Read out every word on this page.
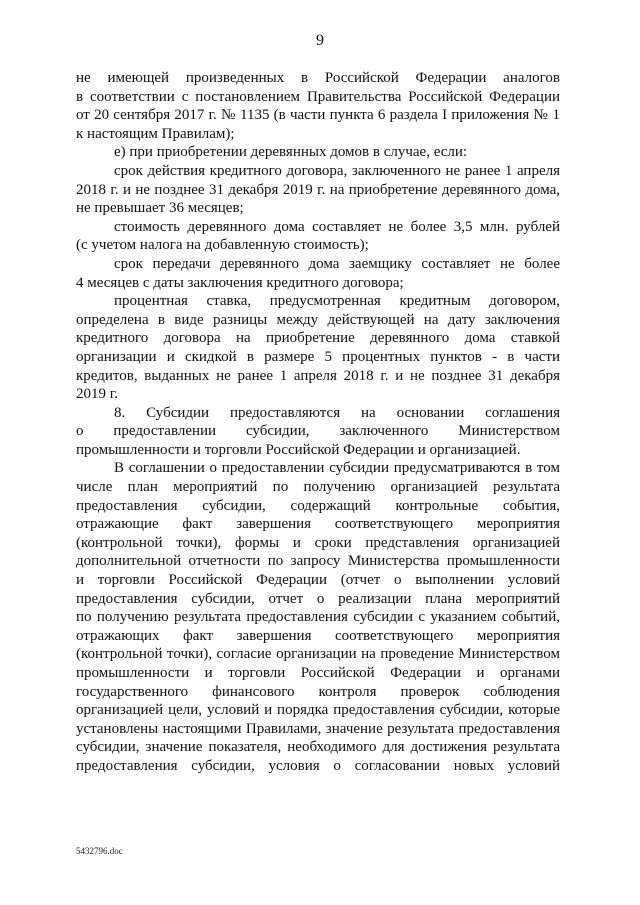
9
не имеющей произведенных в Российской Федерации аналогов
в соответствии с постановлением Правительства Российской Федерации
от 20 сентября 2017 г. № 1135 (в части пункта 6 раздела I приложения № 1
к настоящим Правилам);
е) при приобретении деревянных домов в случае, если:
срок действия кредитного договора, заключенного не ранее 1 апреля
2018 г. и не позднее 31 декабря 2019 г. на приобретение деревянного дома,
не превышает 36 месяцев;
стоимость деревянного дома составляет не более 3,5 млн. рублей
(с учетом налога на добавленную стоимость);
срок передачи деревянного дома заемщику составляет не более
4 месяцев с даты заключения кредитного договора;
процентная ставка, предусмотренная кредитным договором,
определена в виде разницы между действующей на дату заключения
кредитного договора на приобретение деревянного дома ставкой
организации и скидкой в размере 5 процентных пунктов - в части
кредитов, выданных не ранее 1 апреля 2018 г. и не позднее 31 декабря
2019 г.
8. Субсидии предоставляются на основании соглашения
о предоставлении субсидии, заключенного Министерством
промышленности и торговли Российской Федерации и организацией.
В соглашении о предоставлении субсидии предусматриваются в том
числе план мероприятий по получению организацией результата
предоставления субсидии, содержащий контрольные события,
отражающие факт завершения соответствующего мероприятия
(контрольной точки), формы и сроки представления организацией
дополнительной отчетности по запросу Министерства промышленности
и торговли Российской Федерации (отчет о выполнении условий
предоставления субсидии, отчет о реализации плана мероприятий
по получению результата предоставления субсидии с указанием событий,
отражающих факт завершения соответствующего мероприятия
(контрольной точки), согласие организации на проведение Министерством
промышленности и торговли Российской Федерации и органами
государственного финансового контроля проверок соблюдения
организацией цели, условий и порядка предоставления субсидии, которые
установлены настоящими Правилами, значение результата предоставления
субсидии, значение показателя, необходимого для достижения результата
предоставления субсидии, условия о согласовании новых условий
5432796.doc
